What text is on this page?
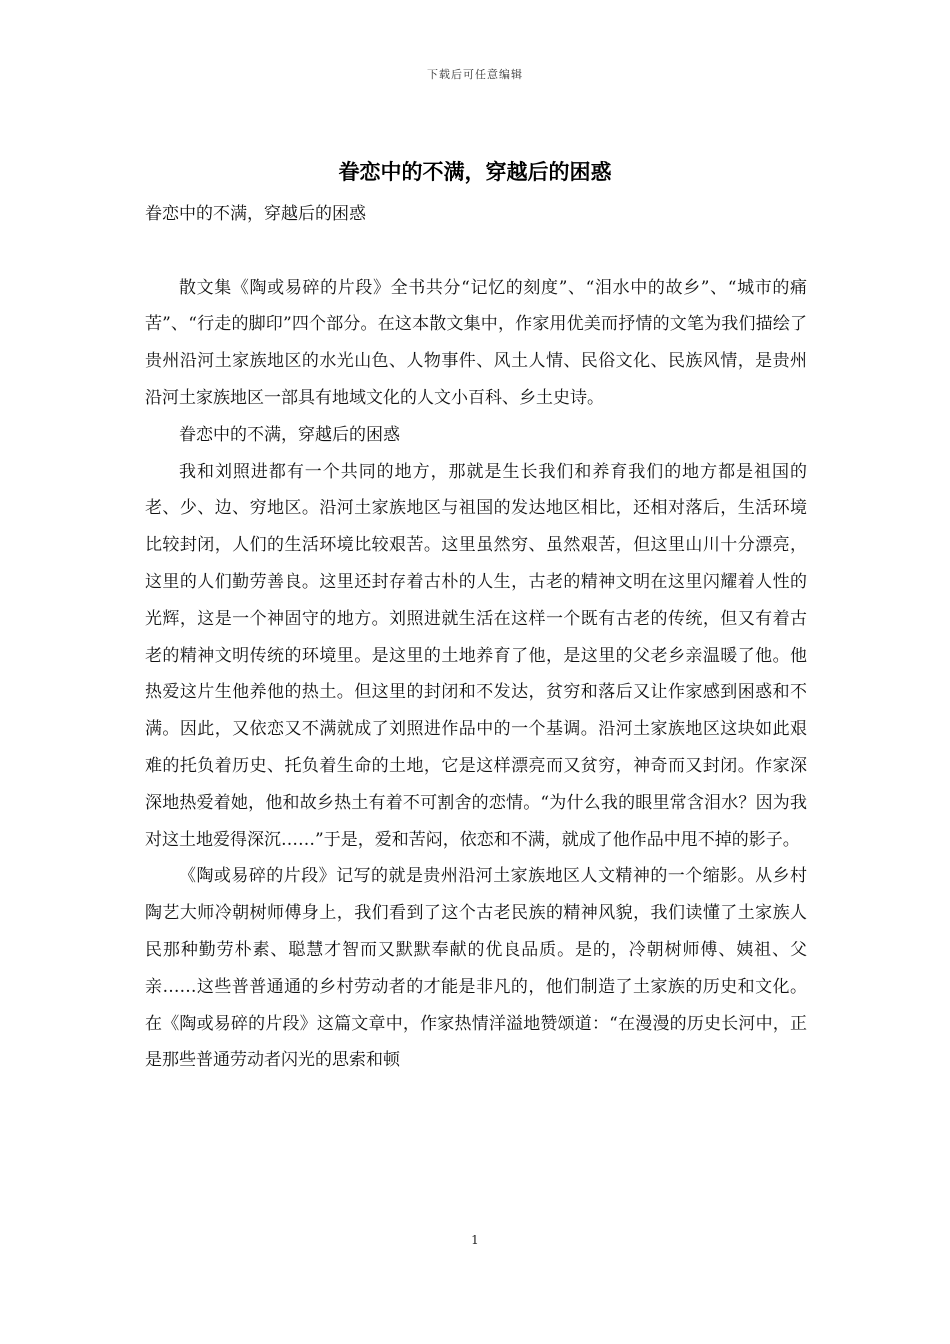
下载后可任意编辑
眷恋中的不满，穿越后的困惑

眷恋中的不满，穿越后的困惑

散文集《陶或易碎的片段》全书共分“记忆的刻度”、“泪水中的故乡”、“城市的痛苦”、“行走的脚印”四个部分。在这本散文集中，作家用优美而抒情的文笔为我们描绘了贵州沿河土家族地区的水光山色、人物事件、风土人情、民俗文化、民族风情，是贵州沿河土家族地区一部具有地域文化的人文小百科、乡土史诗。

眷恋中的不满，穿越后的困惑

我和刘照进都有一个共同的地方，那就是生长我们和养育我们的地方都是祖国的老、少、边、穷地区。沿河土家族地区与祖国的发达地区相比，还相对落后，生活环境比较封闭，人们的生活环境比较艰苦。这里虽然穷、虽然艰苦，但这里山川十分漂亮，这里的人们勤劳善良。这里还封存着古朴的人生，古老的精神文明在这里闪耀着人性的光辉，这是一个神固守的地方。刘照进就生活在这样一个既有古老的传统，但又有着古老的精神文明传统的环境里。是这里的土地养育了他，是这里的父老乡亲温暖了他。他热爱这片生他养他的热土。但这里的封闭和不发达，贫穷和落后又让作家感到困惑和不满。因此，又依恋又不满就成了刘照进作品中的一个基调。沿河土家族地区这块如此艰难的托负着历史、托负着生命的土地，它是这样漂亮而又贫穷，神奇而又封闭。作家深深地热爱着她，他和故乡热土有着不可割舍的恋情。“为什么我的眼里常含泪水？因为我对这土地爱得深沉……”于是，爱和苦闷，依恋和不满，就成了他作品中甩不掉的影子。

《陶或易碎的片段》记写的就是贵州沿河土家族地区人文精神的一个缩影。从乡村陶艺大师冷朝树师傅身上，我们看到了这个古老民族的精神风貌，我们读懂了土家族人民那种勤劳朴素、聪慧才智而又默默奉献的优良品质。是的，冷朝树师傅、姨祖、父亲……这些普普通通的乡村劳动者的才能是非凡的，他们制造了土家族的历史和文化。在《陶或易碎的片段》这篇文章中，作家热情洋溢地赞颂道：“在漫漫的历史长河中，正是那些普通劳动者闪光的思索和顿

1
